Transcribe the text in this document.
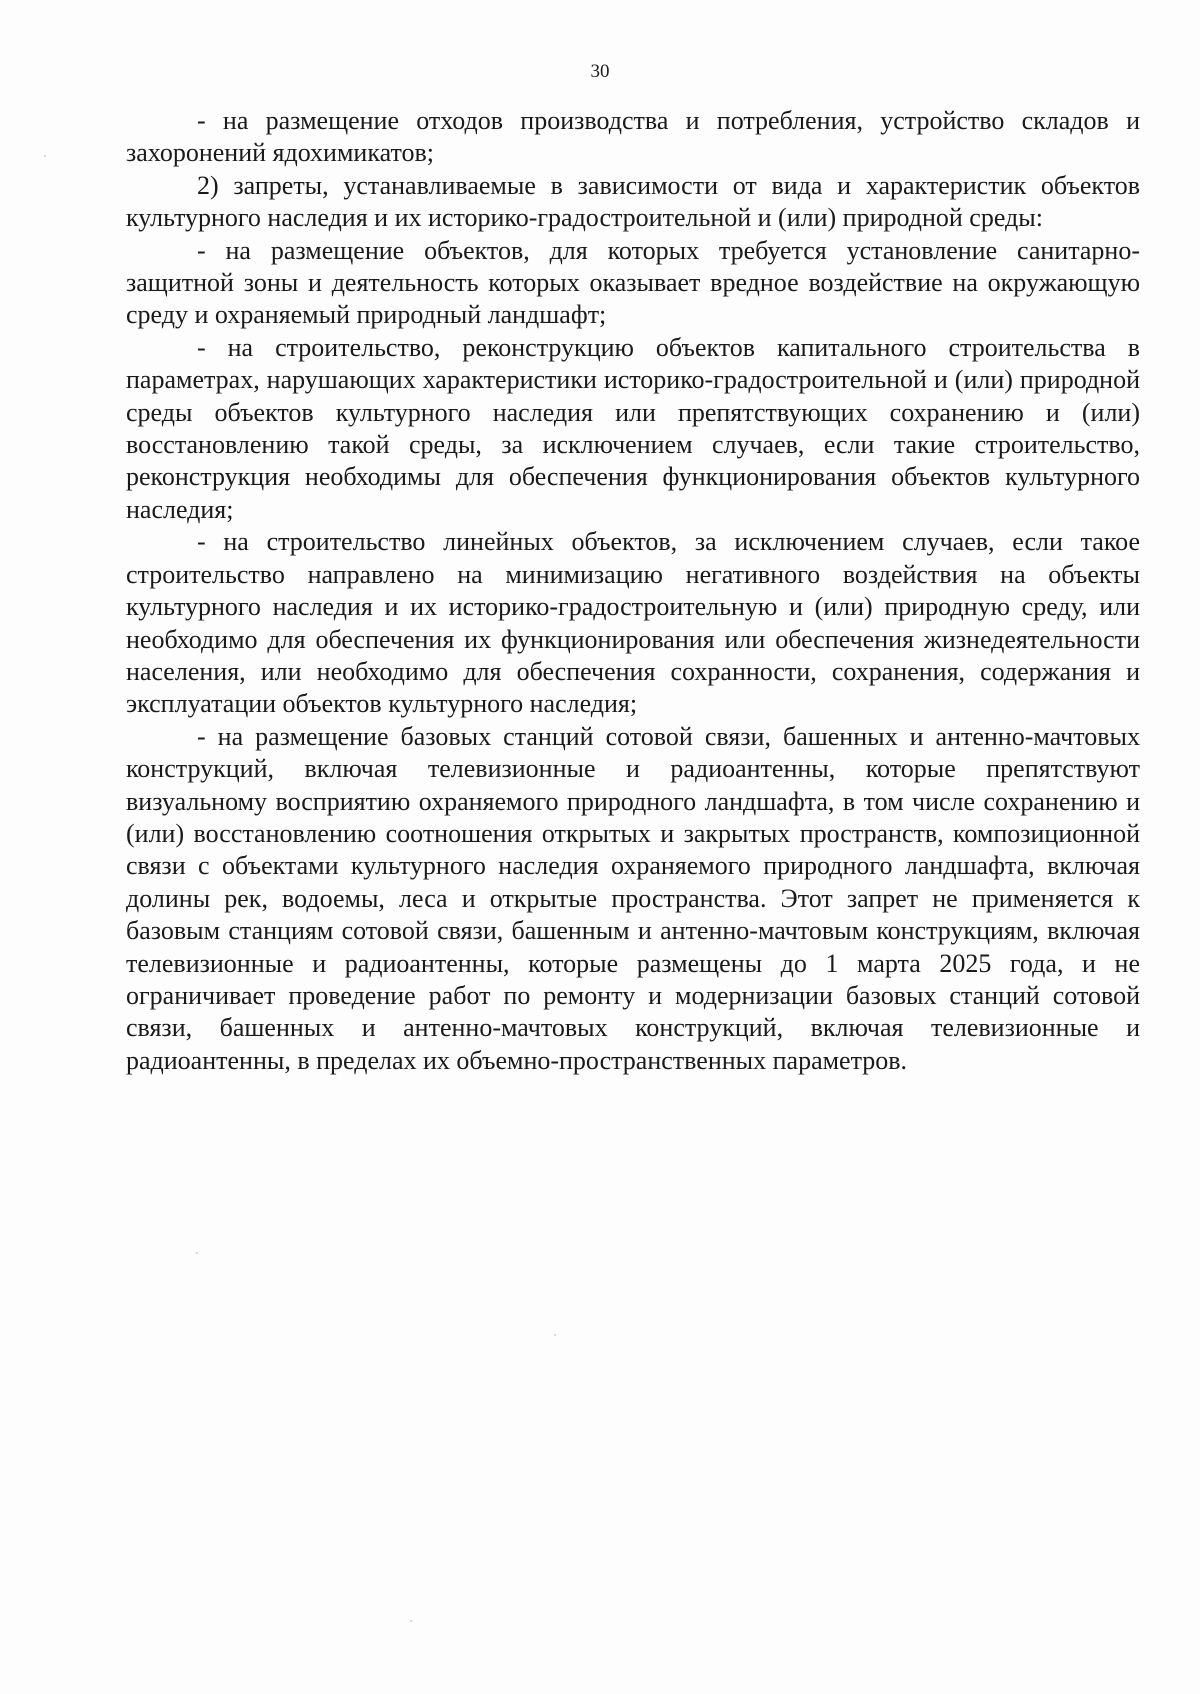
30

- на размещение отходов производства и потребления, устройство складов и захоронений ядохимикатов;

2) запреты, устанавливаемые в зависимости от вида и характеристик объектов культурного наследия и их историко-градостроительной и (или) природной среды:

- на размещение объектов, для которых требуется установление санитарно-защитной зоны и деятельность которых оказывает вредное воздействие на окружающую среду и охраняемый природный ландшафт;

- на строительство, реконструкцию объектов капитального строительства в параметрах, нарушающих характеристики историко-градостроительной и (или) природной среды объектов культурного наследия или препятствующих сохранению и (или) восстановлению такой среды, за исключением случаев, если такие строительство, реконструкция необходимы для обеспечения функционирования объектов культурного наследия;

- на строительство линейных объектов, за исключением случаев, если такое строительство направлено на минимизацию негативного воздействия на объекты культурного наследия и их историко-градостроительную и (или) природную среду, или необходимо для обеспечения их функционирования или обеспечения жизнедеятельности населения, или необходимо для обеспечения сохранности, сохранения, содержания и эксплуатации объектов культурного наследия;

- на размещение базовых станций сотовой связи, башенных и антенно-мачтовых конструкций, включая телевизионные и радиоантенны, которые препятствуют визуальному восприятию охраняемого природного ландшафта, в том числе сохранению и (или) восстановлению соотношения открытых и закрытых пространств, композиционной связи с объектами культурного наследия охраняемого природного ландшафта, включая долины рек, водоемы, леса и открытые пространства. Этот запрет не применяется к базовым станциям сотовой связи, башенным и антенно-мачтовым конструкциям, включая телевизионные и радиоантенны, которые размещены до 1 марта 2025 года, и не ограничивает проведение работ по ремонту и модернизации базовых станций сотовой связи, башенных и антенно-мачтовых конструкций, включая телевизионные и радиоантенны, в пределах их объемно-пространственных параметров.
